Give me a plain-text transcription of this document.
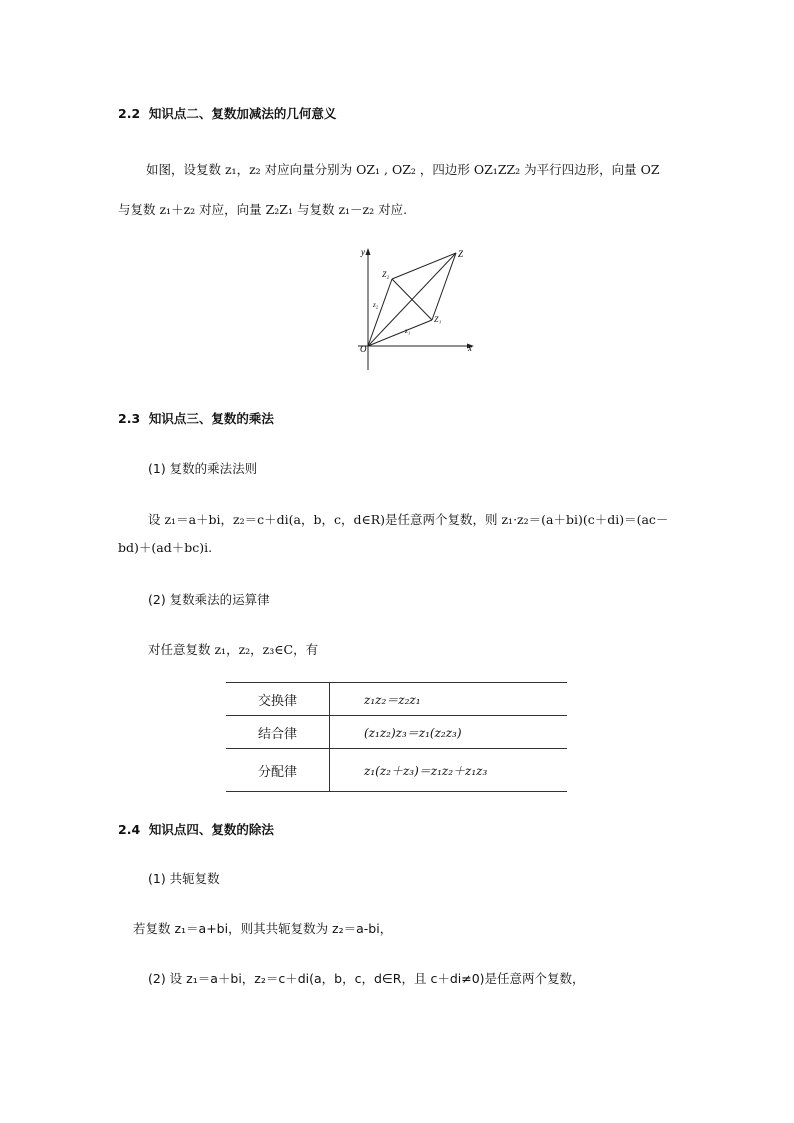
2.2 知识点二、复数加减法的几何意义
如图，设复数 z₁，z₂ 对应向量分别为 OZ₁ , OZ₂ ，四边形 OZ₁ZZ₂ 为平行四边形，向量 OZ
与复数 z₁＋z₂ 对应，向量 Z₂Z₁ 与复数 z₁－z₂ 对应.
y
x
O
Z
Z₁
Z₂
z₁
z₂
2.3 知识点三、复数的乘法
(1) 复数的乘法法则
设 z₁＝a＋bi，z₂＝c＋di(a，b，c，d∈R)是任意两个复数，则 z₁·z₂＝(a＋bi)(c＋di)＝(ac－
bd)＋(ad＋bc)i.
(2) 复数乘法的运算律
对任意复数 z₁，z₂，z₃∈C，有
交换律	z₁z₂＝z₂z₁
结合律	(z₁z₂)z₃＝z₁(z₂z₃)
分配律	z₁(z₂＋z₃)＝z₁z₂＋z₁z₃
2.4 知识点四、复数的除法
(1) 共轭复数
若复数 z₁＝a+bi，则其共轭复数为 z₂＝a-bi，
(2) 设 z₁＝a＋bi，z₂＝c＋di(a，b，c，d∈R，且 c＋di≠0)是任意两个复数，
